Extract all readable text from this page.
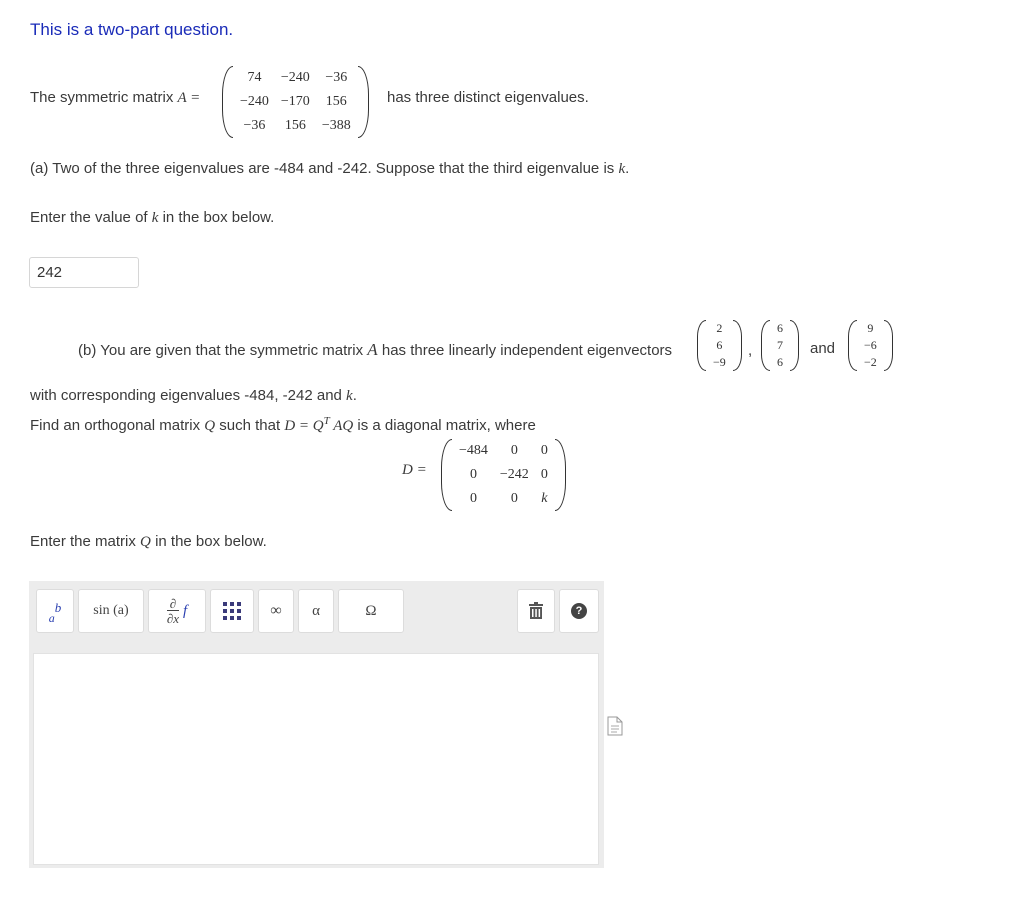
This is a two-part question.
The symmetric matrix A =
74	−240	−36
−240	−170	156
−36	156	−388
has three distinct eigenvalues.
(a) Two of the three eigenvalues are -484 and -242. Suppose that the third eigenvalue is k.
Enter the value of k in the box below.
242
(b) You are given that the symmetric matrix A has three linearly independent eigenvectors
2
6
−9
,
6
7
6
and
9
−6
−2
with corresponding eigenvalues -484, -242 and k.
Find an orthogonal matrix Q such that $D = Q^T$ AQ is a diagonal matrix, where
D =
−484	0	0
0	−242	0
0	0	k
Enter the matrix Q in the box below.
$_a^b$ sin (a)	∂
∂x f	∞ α	Ω	?
